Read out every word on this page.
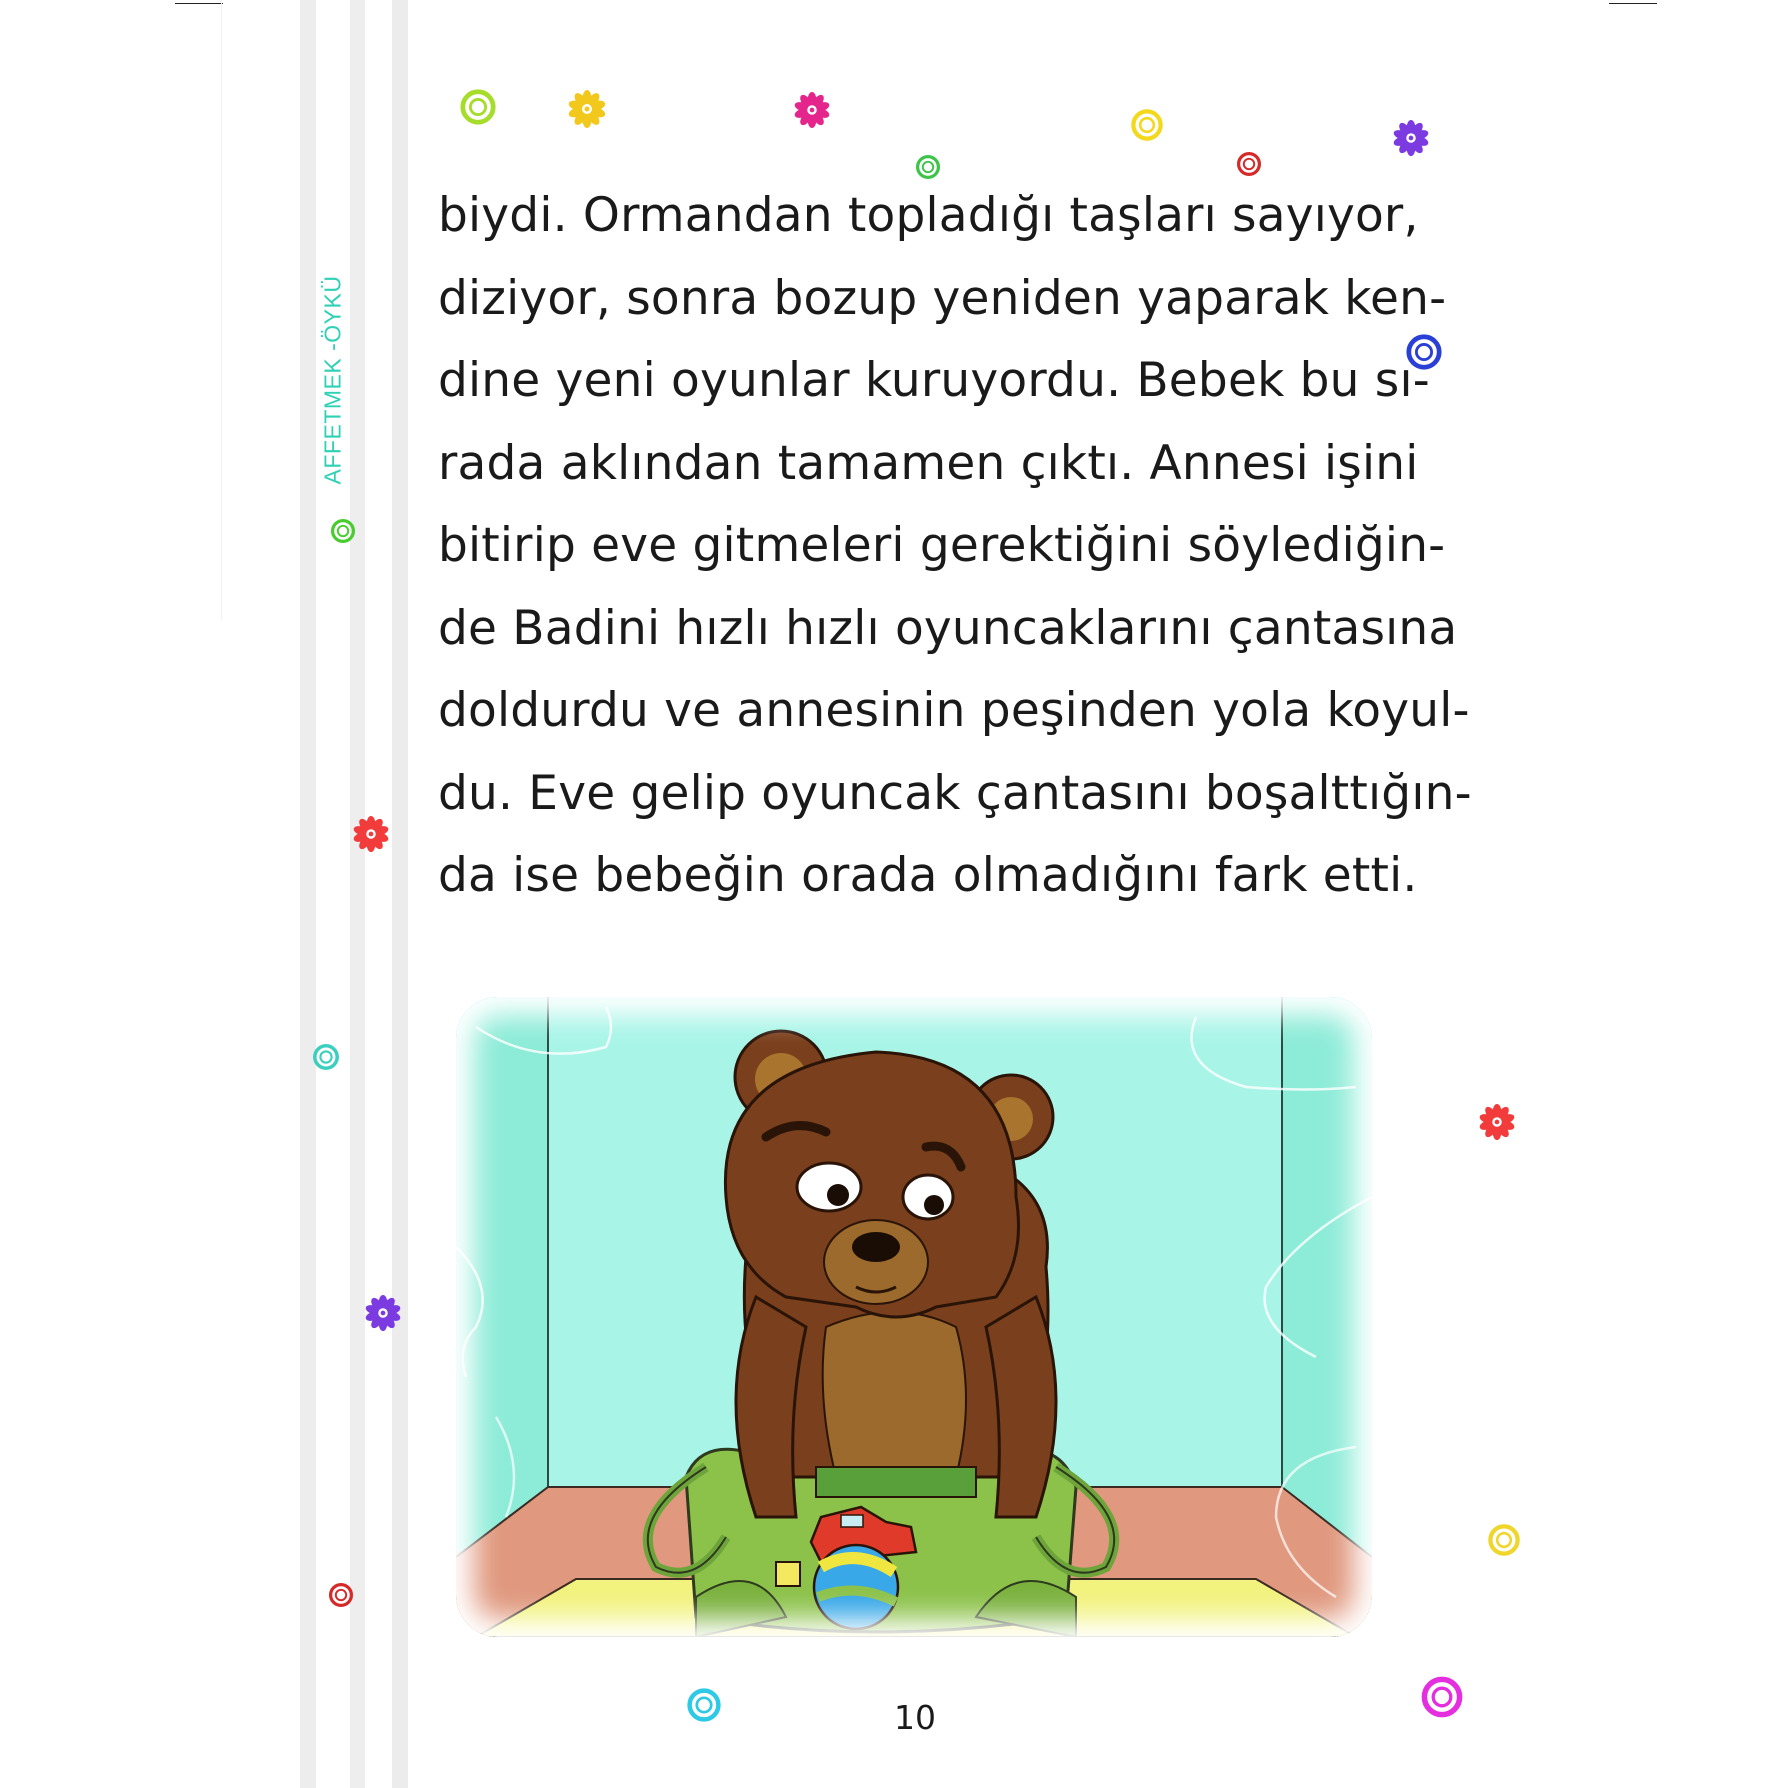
AFFETMEK -ÖYKÜ
biydi. Ormandan topladığı taşları sayıyor,
diziyor, sonra bozup yeniden yaparak ken-
dine yeni oyunlar kuruyordu. Bebek bu sı-
rada aklından tamamen çıktı. Annesi işini
bitirip eve gitmeleri gerektiğini söylediğin-
de Badini hızlı hızlı oyuncaklarını çantasına
doldurdu ve annesinin peşinden yola koyul-
du. Eve gelip oyuncak çantasını boşalttığın-
da ise bebeğin orada olmadığını fark etti.
10
